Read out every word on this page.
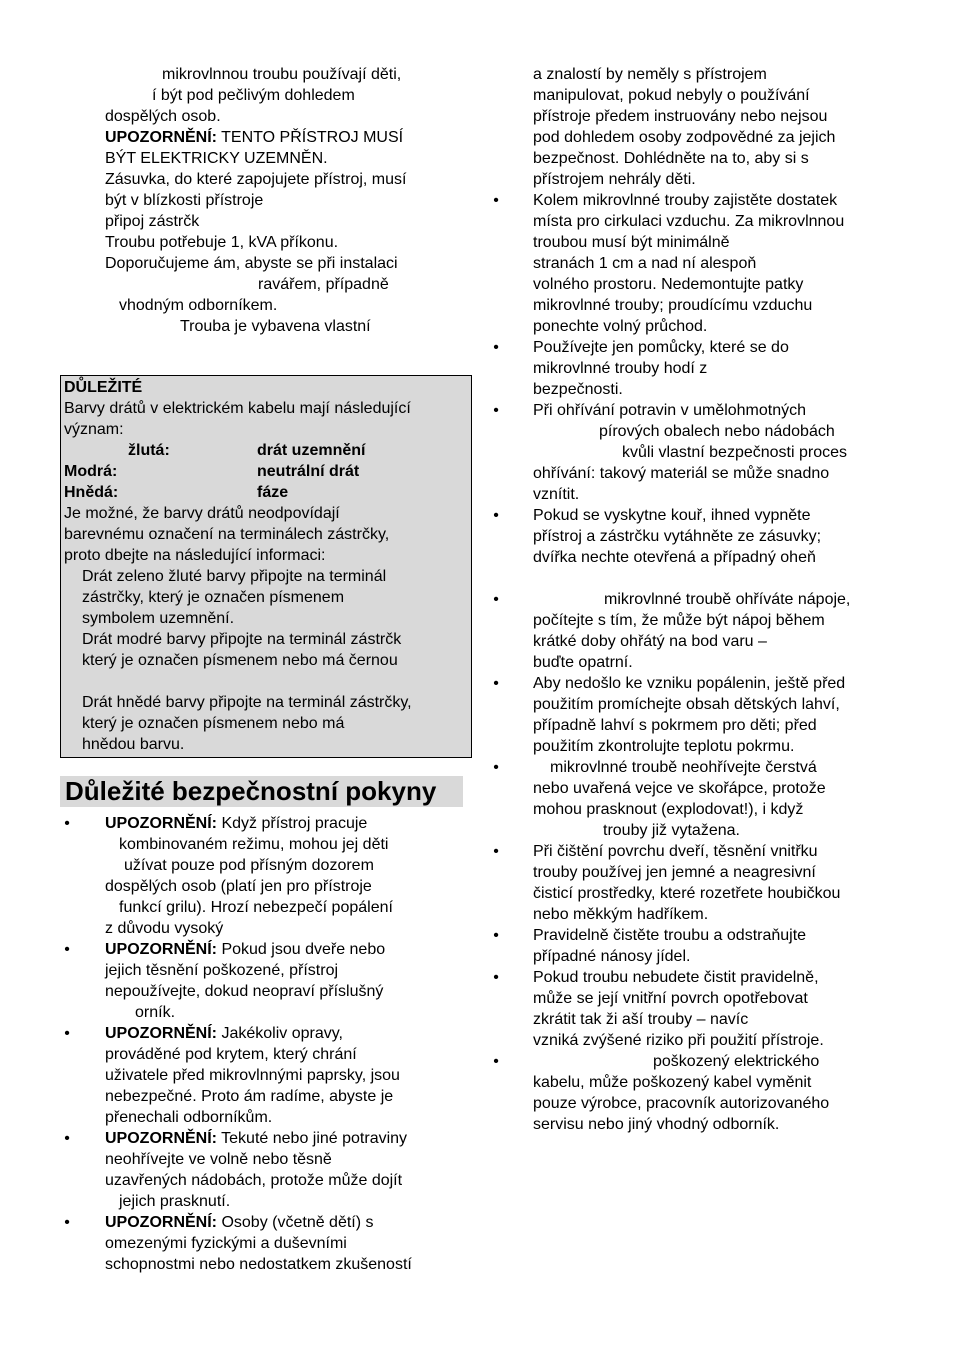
mikrovlnnou troubu používají děti,

í být pod pečlivým dohledem

dospělých osob.

UPOZORNĚNÍ: TENTO PŘÍSTROJ MUSÍ

BÝT ELEKTRICKY UZEMNĚN.

Zásuvka, do které zapojujete přístroj, musí

být v blízkosti přístroje

připoj zástrčk

Troubu potřebuje 1, kVA příkonu.

Doporučujeme ám, abyste se při instalaci

ravářem, případně

vhodným odborníkem.

Trouba je vybavena vlastní

DŮLEŽITÉ
Barvy drátů v elektrickém kabelu mají následující
význam:
žlutá:	drát uzemnění
Modrá:	neutrální drát
Hnědá:	fáze
Je možné, že barvy drátů neodpovídají
barevnému označení na terminálech zástrčky,
proto dbejte na následující informaci:
Drát zeleno žluté barvy připojte na terminál
zástrčky, který je označen písmenem
symbolem uzemnění.
Drát modré barvy připojte na terminál zástrčk
který je označen písmenem nebo má černou
Drát hnědé barvy připojte na terminál zástrčky,
který je označen písmenem nebo má
hnědou barvu.
Důležité bezpečnostní pokyny
• UPOZORNĚNÍ: Když přístroj pracuje
kombinovaném režimu, mohou jej děti
užívat pouze pod přísným dozorem
dospělých osob (platí jen pro přístroje
funkcí grilu). Hrozí nebezpečí popálení
z důvodu vysoký
• UPOZORNĚNÍ: Pokud jsou dveře nebo
jejich těsnění poškozené, přístroj
nepoužívejte, dokud neopraví příslušný
orník.
• UPOZORNĚNÍ: Jakékoliv opravy,
prováděné pod krytem, který chrání
uživatele před mikrovlnnými paprsky, jsou
nebezpečné. Proto ám radíme, abyste je
přenechali odborníkům.
• UPOZORNĚNÍ: Tekuté nebo jiné potraviny
neohřívejte ve volně nebo těsně
uzavřených nádobách, protože může dojít
jejich prasknutí.
• UPOZORNĚNÍ: Osoby (včetně dětí) s
omezenými fyzickými a duševními
schopnostmi nebo nedostatkem zkušeností
a znalostí by neměly s přístrojem
manipulovat, pokud nebyly o používání
přístroje předem instruovány nebo nejsou
pod dohledem osoby zodpovědné za jejich
bezpečnost. Dohlédněte na to, aby si s
přístrojem nehrály děti.
• Kolem mikrovlnné trouby zajistěte dostatek
místa pro cirkulaci vzduchu. Za mikrovlnnou
troubou musí být minimálně
stranách 1 cm a nad ní alespoň
volného prostoru. Nedemontujte patky
mikrovlnné trouby; proudícímu vzduchu
ponechte volný průchod.
• Používejte jen pomůcky, které se do
mikrovlnné trouby hodí z
bezpečnosti.
• Při ohřívání potravin v umělohmotných
pírových obalech nebo nádobách
kvůli vlastní bezpečnosti proces
ohřívání: takový materiál se může snadno
vznítit.
• Pokud se vyskytne kouř, ihned vypněte
přístroj a zástrčku vytáhněte ze zásuvky;
dvířka nechte otevřená a případný oheň
•	mikrovlnné troubě ohříváte nápoje,
počítejte s tím, že může být nápoj během
krátké doby ohřátý na bod varu –
buďte opatrní.
• Aby nedošlo ke vzniku popálenin, ještě před
použitím promíchejte obsah dětských lahví,
případně lahví s pokrmem pro děti; před
použitím zkontrolujte teplotu pokrmu.
•	mikrovlnné troubě neohřívejte čerstvá
nebo uvařená vejce ve skořápce, protože
mohou prasknout (explodovat!), i když
trouby již vytažena.
• Při čištění povrchu dveří, těsnění vnitřku
trouby používej jen jemné a neagresivní
čisticí prostředky, které rozetřete houbičkou
nebo měkkým hadříkem.
• Pravidelně čistěte troubu a odstraňujte
případné nánosy jídel.
• Pokud troubu nebudete čistit pravidelně,
může se její vnitřní povrch opotřebovat
zkrátit tak ži aší trouby – navíc
vzniká zvýšené riziko při použití přístroje.
•	poškozený elektrického
kabelu, může poškozený kabel vyměnit
pouze výrobce, pracovník autorizovaného
servisu nebo jiný vhodný odborník.
